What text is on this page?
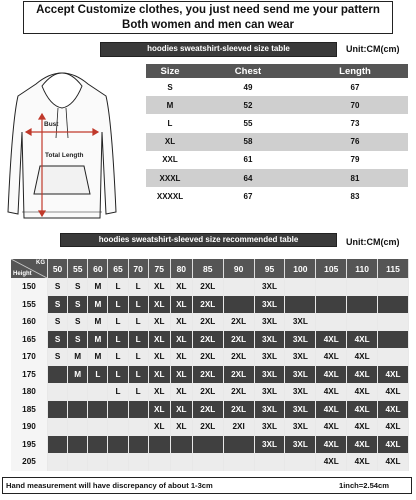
Accept Customize clothes, you just need send me your pattern
Both women and men can wear
hoodies sweatshirt-sleeved size table	Unit:CM(cm)
Bust
Total Length
Size	Chest	Length
S	49	67
M	52	70
L	55	73
XL	58	76
XXL	61	79
XXXL	64	81
XXXXL	67	83
hoodies sweatshirt-sleeved size recommended table	Unit:CM(cm)
KG
Height	50	55	60	65	70	75	80	85	90	95	100	105	110	115
150	S	S	M	L	L	XL	XL	2XL		3XL				
155	S	S	M	L	L	XL	XL	2XL		3XL				
160	S	S	M	L	L	XL	XL	2XL	2XL	3XL	3XL			
165	S	S	M	L	L	XL	XL	2XL	2XL	3XL	3XL	4XL	4XL	
170	S	M	M	L	L	XL	XL	2XL	2XL	3XL	3XL	4XL	4XL	
175		M	L	L	L	XL	XL	2XL	2XL	3XL	3XL	4XL	4XL	4XL
180				L	L	XL	XL	2XL	2XL	3XL	3XL	4XL	4XL	4XL
185						XL	XL	2XL	2XL	3XL	3XL	4XL	4XL	4XL
190						XL	XL	2XL	2XI	3XL	3XL	4XL	4XL	4XL
195										3XL	3XL	4XL	4XL	4XL
205												4XL	4XL	4XL
Hand measurement will have discrepancy of about 1-3cm	1inch=2.54cm
